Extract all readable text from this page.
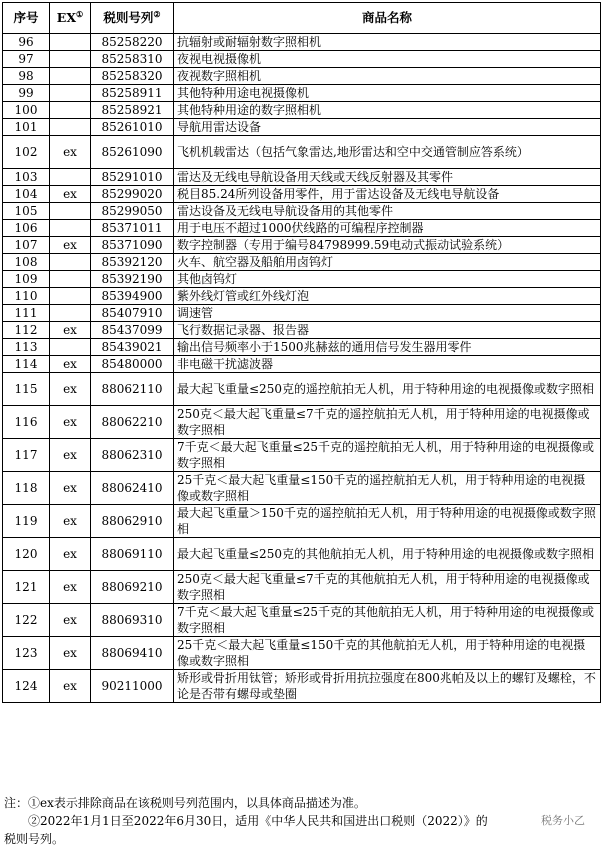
序号	EX①	税则号列②	商品名称
96		85258220	抗辐射或耐辐射数字照相机
97		85258310	夜视电视摄像机
98		85258320	夜视数字照相机
99		85258911	其他特种用途电视摄像机
100		85258921	其他特种用途的数字照相机
101		85261010	导航用雷达设备
102	ex	85261090	飞机机载雷达（包括气象雷达,地形雷达和空中交通管制应答系统）
103		85291010	雷达及无线电导航设备用天线或天线反射器及其零件
104	ex	85299020	税目85.24所列设备用零件，用于雷达设备及无线电导航设备
105		85299050	雷达设备及无线电导航设备用的其他零件
106		85371011	用于电压不超过1000伏线路的可编程序控制器
107	ex	85371090	数字控制器（专用于编号84798999.59电动式振动试验系统）
108		85392120	火车、航空器及船舶用卤钨灯
109		85392190	其他卤钨灯
110		85394900	紫外线灯管或红外线灯泡
111		85407910	调速管
112	ex	85437099	飞行数据记录器、报告器
113		85439021	输出信号频率小于1500兆赫兹的通用信号发生器用零件
114	ex	85480000	非电磁干扰滤波器
115	ex	88062110	最大起飞重量≤250克的遥控航拍无人机，用于特种用途的电视摄像或数字照相
116	ex	88062210	250克＜最大起飞重量≤7千克的遥控航拍无人机，用于特种用途的电视摄像或数字照相
117	ex	88062310	7千克＜最大起飞重量≤25千克的遥控航拍无人机，用于特种用途的电视摄像或数字照相
118	ex	88062410	25千克＜最大起飞重量≤150千克的遥控航拍无人机，用于特种用途的电视摄像或数字照相
119	ex	88062910	最大起飞重量＞150千克的遥控航拍无人机，用于特种用途的电视摄像或数字照相
120	ex	88069110	最大起飞重量≤250克的其他航拍无人机，用于特种用途的电视摄像或数字照相
121	ex	88069210	250克＜最大起飞重量≤7千克的其他航拍无人机，用于特种用途的电视摄像或数字照相
122	ex	88069310	7千克＜最大起飞重量≤25千克的其他航拍无人机，用于特种用途的电视摄像或数字照相
123	ex	88069410	25千克＜最大起飞重量≤150千克的其他航拍无人机，用于特种用途的电视摄像或数字照相
124	ex	90211000	矫形或骨折用钛管；矫形或骨折用抗拉强度在800兆帕及以上的螺钉及螺栓，不论是否带有螺母或垫圈
注：①ex表示排除商品在该税则号列范围内，以具体商品描述为准。
　　②2022年1月1日至2022年6月30日，适用《中华人民共和国进出口税则（2022）》的
税则号列。
税务小乙
